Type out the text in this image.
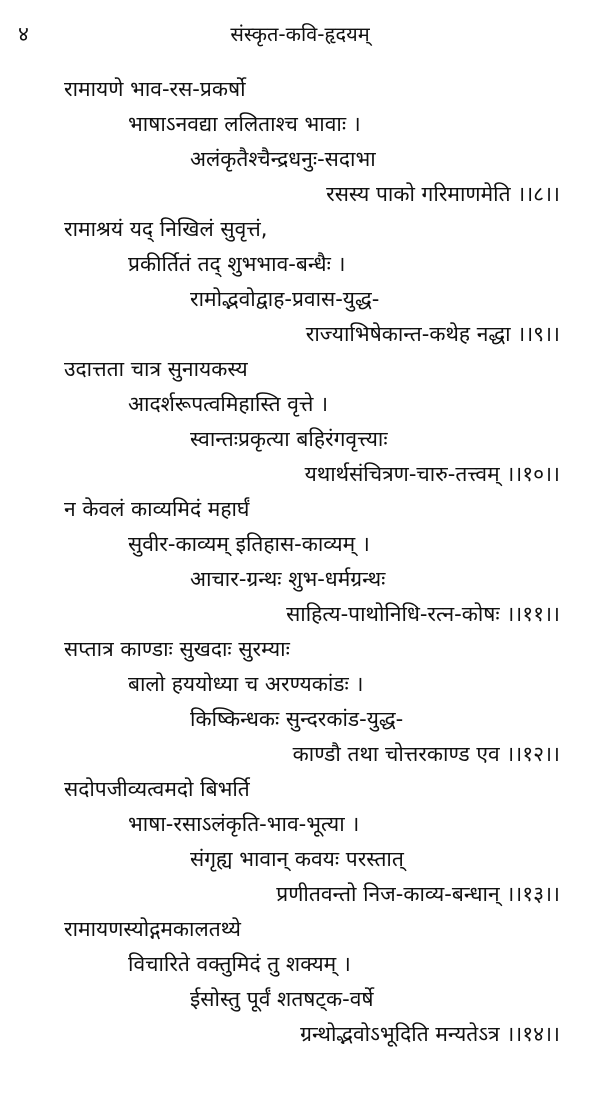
४	संस्कृत-कवि-हृदयम्
रामायणे भाव-रस-प्रकर्षो
भाषाऽनवद्या ललिताश्च भावाः ।
अलंकृतैश्चैन्द्रधनुः-सदाभा
रसस्य पाको गरिमाणमेति ।।८।।
रामाश्रयं यद् निखिलं सुवृत्तं,
प्रकीर्तितं तद् शुभभाव-बन्धैः ।
रामोद्भवोद्वाह-प्रवास-युद्ध-
राज्याभिषेकान्त-कथेह नद्धा ।।९।।
उदात्तता चात्र सुनायकस्य
आदर्शरूपत्वमिहास्ति वृत्ते ।
स्वान्तःप्रकृत्या बहिरंगवृत्त्याः
यथार्थसंचित्रण-चारु-तत्त्वम् ।।१०।।
न केवलं काव्यमिदं महार्घं
सुवीर-काव्यम् इतिहास-काव्यम् ।
आचार-ग्रन्थः शुभ-धर्मग्रन्थः
साहित्य-पाथोनिधि-रत्न-कोषः ।।११।।
सप्तात्र काण्डाः सुखदाः सुरम्याः
बालो हययोध्या च अरण्यकांडः ।
किष्किन्धकः सुन्दरकांड-युद्ध-
काण्डौ तथा चोत्तरकाण्ड एव ।।१२।।
सदोपजीव्यत्वमदो बिभर्ति
भाषा-रसाऽलंकृति-भाव-भूत्या ।
संगृह्य भावान् कवयः परस्तात्
प्रणीतवन्तो निज-काव्य-बन्धान् ।।१३।।
रामायणस्योद्गमकालतथ्ये
विचारिते वक्तुमिदं तु शक्यम् ।
ईसोस्तु पूर्वं शतषट्क-वर्षे
ग्रन्थोद्भवोऽभूदिति मन्यतेऽत्र ।।१४।।
